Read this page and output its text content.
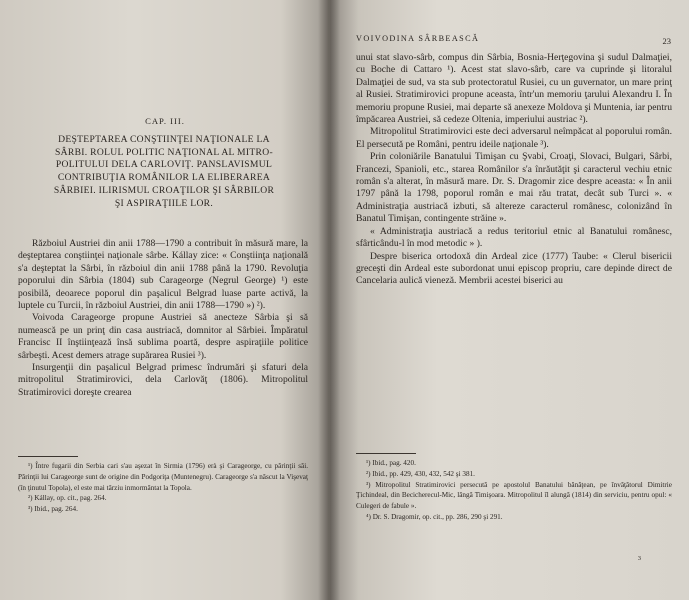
CAP. III.
DEŞTEPTAREA CONŞTIINŢEI NAŢIONALE LA
SÂRBI. ROLUL POLITIC NAŢIONAL AL MITRO-
POLITULUI DELA CARLOVIŢ. PANSLAVISMUL
CONTRIBUŢIA ROMÂNILOR LA ELIBERAREA
SÂRBIEI. ILIRISMUL CROAŢILOR ŞI SÂRBILOR
ŞI ASPIRAŢIILE LOR.

Războiul Austriei din anii 1788—1790 a contribuit în măsură mare, la deşteptarea conştiinţei naţionale sârbe. Kállay zice: « Conştiinţa naţională s'a deşteptat la Sârbi, în războiul din anii 1788 până la 1790. Revoluţia poporului din Sârbia (1804) sub Carageorge (Negrul George) ¹) este posibilă, deoarece poporul din paşalicul Belgrad luase parte activă, la luptele cu Turcii, în războiul Austriei, din anii 1788—1790 ») ²).

Voivoda Carageorge propune Austriei să anecteze Sârbia şi să numească pe un prinţ din casa austriacă, domnitor al Sârbiei. Împăratul Francisc II înştiinţează însă sublima poartă, despre aspiraţiile politice sârbeşti. Acest demers atrage supărarea Rusiei ³).

Insurgenţii din paşalicul Belgrad primesc îndrumări şi sfaturi dela mitropolitul Stratimirovici, dela Carlovăţ (1806). Mitropolitul Stratimirovici doreşte crearea

¹) Între fugarii din Serbia cari s'au aşezat în Sirmia (1796) erà şi Carageorge, cu părinţii săi. Părinţii lui Carageorge sunt de origine din Podgoriţa (Muntenegru). Carageorge s'a născut la Vişevaţ (în ţinutul Topola), el este mai târziu inmormântat la Topola.

²) Kállay, op. cit., pag. 264.

³) Ibid., pag. 264.

VOIVODINA SÂRBEASCĂ	23

unui stat slavo-sârb, compus din Sârbia, Bosnia-Herţegovina şi sudul Dalmaţiei, cu Boche di Cattaro ¹). Acest stat slavo-sârb, care va cuprinde şi litoralul Dalmaţiei de sud, va sta sub protectoratul Rusiei, cu un guvernator, un mare prinţ al Rusiei. Stratimirovici propune aceasta, într'un memoriu ţarului Alexandru I. În memoriu propune Rusiei, mai departe să anexeze Moldova şi Muntenia, iar pentru împăcarea Austriei, să cedeze Oltenia, imperiului austriac ²).

Mitropolitul Stratimirovici este deci adversarul neîmpăcat al poporului român. El persecută pe Români, pentru ideile naţionale ³).

Prin coloniările Banatului Timişan cu Şvabi, Croaţi, Slovaci, Bulgari, Sârbi, Francezi, Spanioli, etc., starea Românilor s'a înrăutăţit şi caracterul vechiu etnic român s'a alterat, în măsură mare. Dr. S. Dragomir zice despre aceasta: « În anii 1797 până la 1798, poporul român e mai rău tratat, decât sub Turci ». « Administraţia austriacă izbuti, să altereze caracterul românesc, colonizând în Banatul Timişan, contingente străine ».

« Administraţia austriacă a redus teritoriul etnic al Banatului românesc, sfârticându-l în mod metodic » ).

Despre biserica ortodoxă din Ardeal zice (1777) Taube: « Clerul bisericii greceşti din Ardeal este subordonat unui episcop propriu, care depinde direct de Cancelaria aulică vieneză. Membrii acestei biserici au

¹) Ibid., pag. 420.

²) Ibid., pp. 429, 430, 432, 542 şi 381.

³) Mitropolitul Stratimirovici persecută pe apostolul Banatului bănăţean, pe învăţătorul Dimitrie Ţichindeal, din Becicherecul-Mic, lângă Timişoara. Mitropolitul îl alungă (1814) din serviciu, pentru opul: « Culegeri de fabule ».

⁴) Dr. S. Dragomir, op. cit., pp. 286, 290 şi 291.

3
